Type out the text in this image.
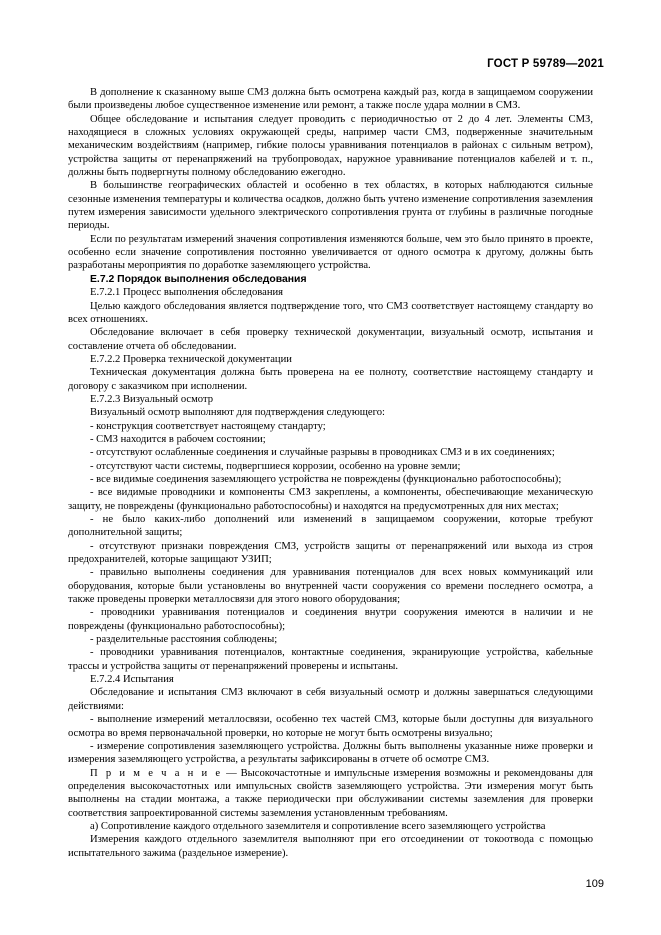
ГОСТ Р 59789—2021

В дополнение к сказанному выше СМЗ должна быть осмотрена каждый раз, когда в защищаемом сооружении были произведены любое существенное изменение или ремонт, а также после удара молнии в СМЗ.

Общее обследование и испытания следует проводить с периодичностью от 2 до 4 лет. Элементы СМЗ, находящиеся в сложных условиях окружающей среды, например части СМЗ, подверженные значительным механическим воздействиям (например, гибкие полосы уравнивания потенциалов в районах с сильным ветром), устройства защиты от перенапряжений на трубопроводах, наружное уравнивание потенциалов кабелей и т. п., должны быть подвергнуты полному обследованию ежегодно.

В большинстве географических областей и особенно в тех областях, в которых наблюдаются сильные сезонные изменения температуры и количества осадков, должно быть учтено изменение сопротивления заземления путем измерения зависимости удельного электрического сопротивления грунта от глубины в различные погодные периоды.

Если по результатам измерений значения сопротивления изменяются больше, чем это было принято в проекте, особенно если значение сопротивления постоянно увеличивается от одного осмотра к другому, должны быть разработаны мероприятия по доработке заземляющего устройства.

Е.7.2 Порядок выполнения обследования

Е.7.2.1 Процесс выполнения обследования

Целью каждого обследования является подтверждение того, что СМЗ соответствует настоящему стандарту во всех отношениях.

Обследование включает в себя проверку технической документации, визуальный осмотр, испытания и составление отчета об обследовании.

Е.7.2.2 Проверка технической документации

Техническая документация должна быть проверена на ее полноту, соответствие настоящему стандарту и договору с заказчиком при исполнении.

Е.7.2.3 Визуальный осмотр

Визуальный осмотр выполняют для подтверждения следующего:

- конструкция соответствует настоящему стандарту;

- СМЗ находится в рабочем состоянии;

- отсутствуют ослабленные соединения и случайные разрывы в проводниках СМЗ и в их соединениях;

- отсутствуют части системы, подвергшиеся коррозии, особенно на уровне земли;

- все видимые соединения заземляющего устройства не повреждены (функционально работоспособны);

- все видимые проводники и компоненты СМЗ закреплены, а компоненты, обеспечивающие механическую защиту, не повреждены (функционально работоспособны) и находятся на предусмотренных для них местах;

- не было каких-либо дополнений или изменений в защищаемом сооружении, которые требуют дополнительной защиты;

- отсутствуют признаки повреждения СМЗ, устройств защиты от перенапряжений или выхода из строя предохранителей, которые защищают УЗИП;

- правильно выполнены соединения для уравнивания потенциалов для всех новых коммуникаций или оборудования, которые были установлены во внутренней части сооружения со времени последнего осмотра, а также проведены проверки металлосвязи для этого нового оборудования;

- проводники уравнивания потенциалов и соединения внутри сооружения имеются в наличии и не повреждены (функционально работоспособны);

- разделительные расстояния соблюдены;

- проводники уравнивания потенциалов, контактные соединения, экранирующие устройства, кабельные трассы и устройства защиты от перенапряжений проверены и испытаны.

Е.7.2.4 Испытания

Обследование и испытания СМЗ включают в себя визуальный осмотр и должны завершаться следующими действиями:

- выполнение измерений металлосвязи, особенно тех частей СМЗ, которые были доступны для визуального осмотра во время первоначальной проверки, но которые не могут быть осмотрены визуально;

- измерение сопротивления заземляющего устройства. Должны быть выполнены указанные ниже проверки и измерения заземляющего устройства, а результаты зафиксированы в отчете об осмотре СМЗ.

П р и м е ч а н и е — Высокочастотные и импульсные измерения возможны и рекомендованы для определения высокочастотных или импульсных свойств заземляющего устройства. Эти измерения могут быть выполнены на стадии монтажа, а также периодически при обслуживании системы заземления для проверки соответствия запроектированной системы заземления установленным требованиям.

а) Сопротивление каждого отдельного заземлителя и сопротивление всего заземляющего устройства

Измерения каждого отдельного заземлителя выполняют при его отсоединении от токоотвода с помощью испытательного зажима (раздельное измерение).

109
